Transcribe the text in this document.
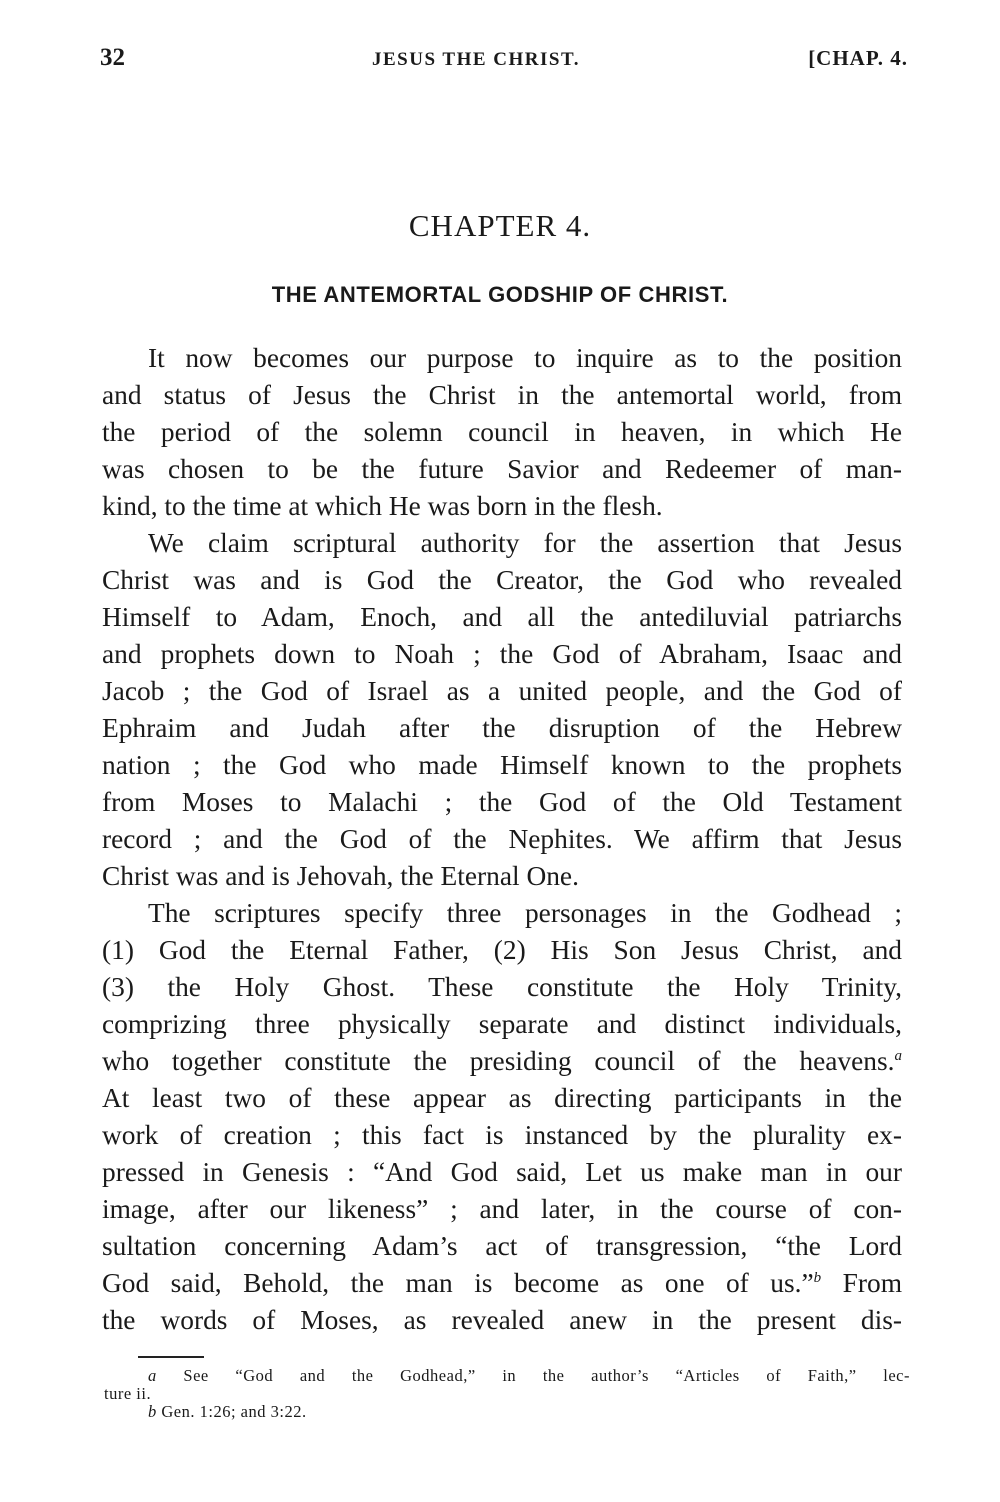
32	JESUS THE CHRIST.	[CHAP. 4.
CHAPTER 4.
THE ANTEMORTAL GODSHIP OF CHRIST.
It now becomes our purpose to inquire as to the position
and status of Jesus the Christ in the antemortal world, from
the period of the solemn council in heaven, in which He
was chosen to be the future Savior and Redeemer of man-
kind, to the time at which He was born in the flesh.
We claim scriptural authority for the assertion that Jesus
Christ was and is God the Creator, the God who revealed
Himself to Adam, Enoch, and all the antediluvial patriarchs
and prophets down to Noah ; the God of Abraham, Isaac and
Jacob ; the God of Israel as a united people, and the God of
Ephraim and Judah after the disruption of the Hebrew
nation ; the God who made Himself known to the prophets
from Moses to Malachi ; the God of the Old Testament
record ; and the God of the Nephites. We affirm that Jesus
Christ was and is Jehovah, the Eternal One.
The scriptures specify three personages in the Godhead ;
(1) God the Eternal Father, (2) His Son Jesus Christ, and
(3) the Holy Ghost. These constitute the Holy Trinity,
comprizing three physically separate and distinct individuals,
who together constitute the presiding council of the heavens.$^a$
At least two of these appear as directing participants in the
work of creation ; this fact is instanced by the plurality ex-
pressed in Genesis : “And God said, Let us make man in our
image, after our likeness” ; and later, in the course of con-
sultation concerning Adam’s act of transgression, “the Lord
God said, Behold, the man is become as one of us.”$^b$ From
the words of Moses, as revealed anew in the present dis-
a See “God and the Godhead,” in the author’s “Articles of Faith,” lec-
ture ii.
b Gen. 1:26; and 3:22.
